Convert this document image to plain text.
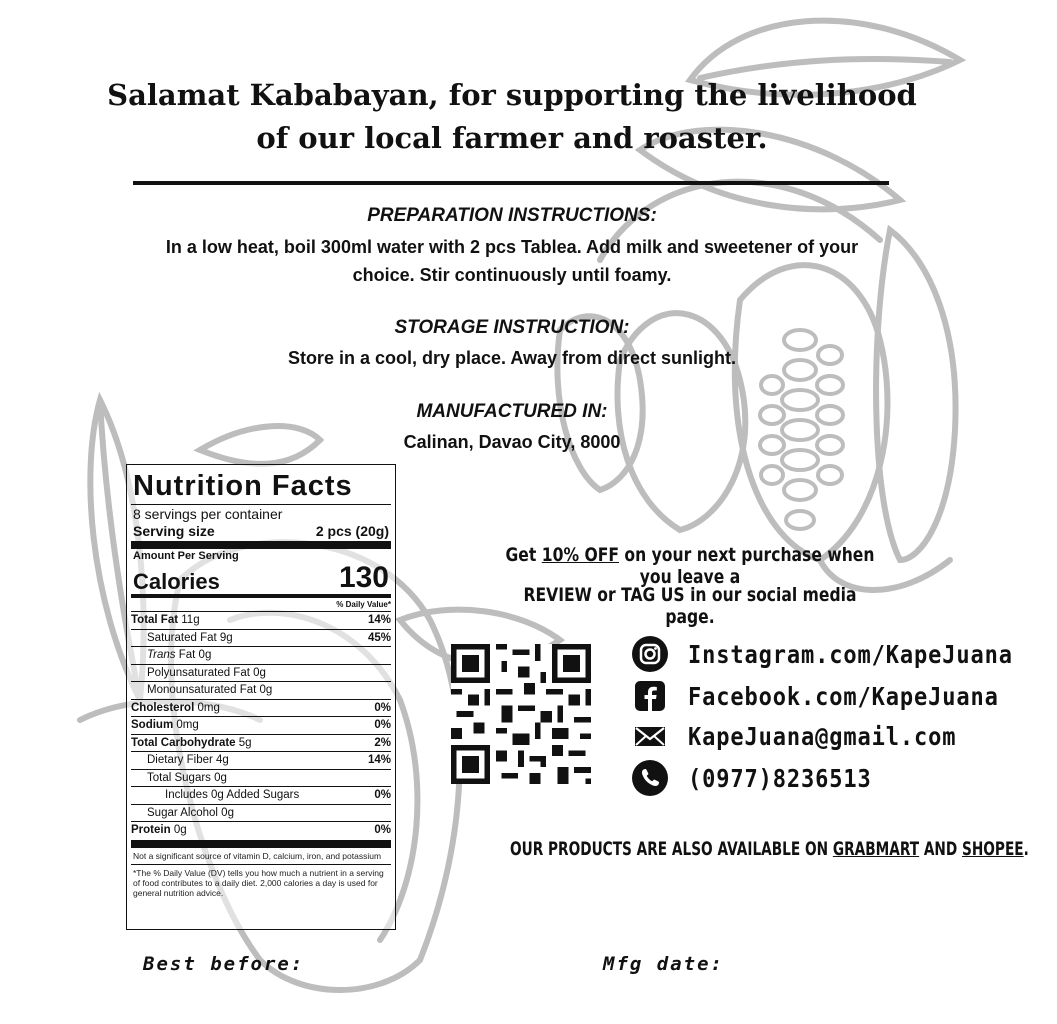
Salamat Kababayan, for supporting the livelihood
of our local farmer and roaster.
PREPARATION INSTRUCTIONS:
In a low heat, boil 300ml water with 2 pcs Tablea. Add milk and sweetener of your
choice. Stir continuously until foamy.
STORAGE INSTRUCTION:
Store in a cool, dry place. Away from direct sunlight.
MANUFACTURED IN:
Calinan, Davao City, 8000
Nutrition Facts
8 servings per container
Serving size	2 pcs (20g)
Amount Per Serving
Calories	130
% Daily Value*
Total Fat 11g	14%
Saturated Fat 9g	45%
Trans Fat 0g
Polyunsaturated Fat 0g
Monounsaturated Fat 0g
Cholesterol 0mg	0%
Sodium 0mg	0%
Total Carbohydrate 5g	2%
Dietary Fiber 4g	14%
Total Sugars 0g
Includes 0g Added Sugars	0%
Sugar Alcohol 0g
Protein 0g	0%
Not a significant source of vitamin D, calcium, iron, and potassium
*The % Daily Value (DV) tells you how much a nutrient in a serving of food contributes to a daily diet. 2,000 calories a day is used for general nutrition advice.
Get 10% OFF on your next purchase when you leave a
REVIEW or TAG US in our social media page.
Instagram.com/KapeJuana
Facebook.com/KapeJuana
KapeJuana@gmail.com
(0977)8236513
OUR PRODUCTS ARE ALSO AVAILABLE ON GRABMART AND SHOPEE.
Best before:	Mfg date:
